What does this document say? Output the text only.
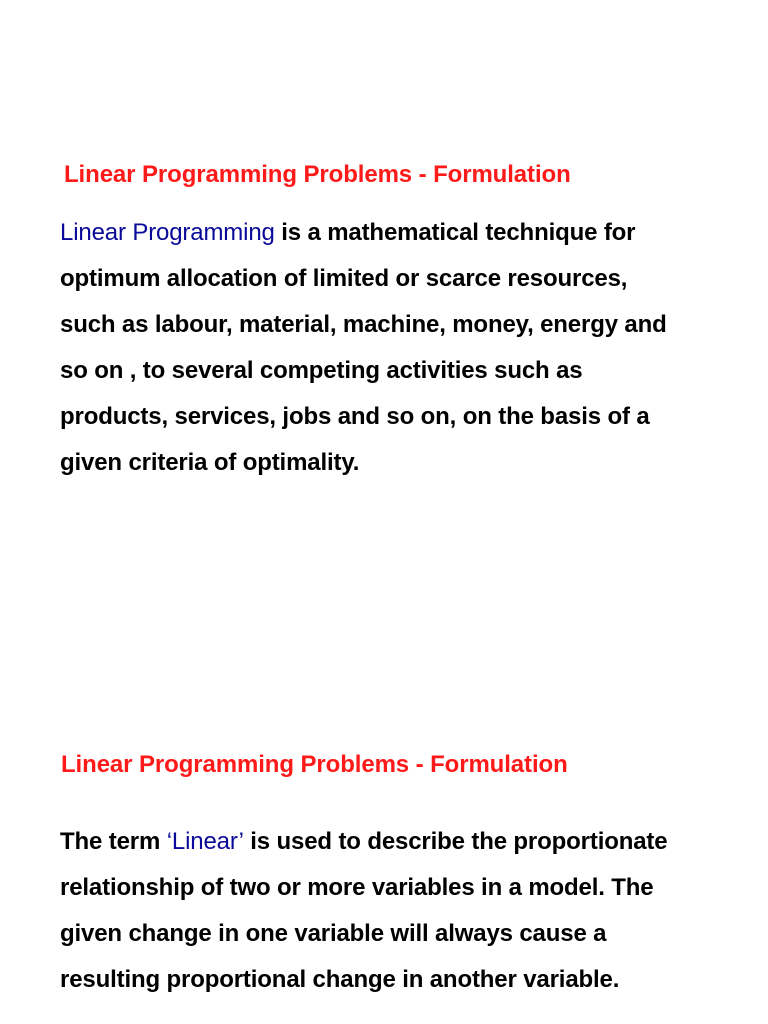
Linear Programming Problems - Formulation

Linear Programming is a mathematical technique for
optimum allocation of limited or scarce resources,
such as labour, material, machine, money, energy and
so on , to several competing activities such as
products, services, jobs and so on, on the basis of a
given criteria of optimality.

Linear Programming Problems - Formulation

The term ‘Linear’ is used to describe the proportionate
relationship of two or more variables in a model. The
given change in one variable will always cause a
resulting proportional change in another variable.
